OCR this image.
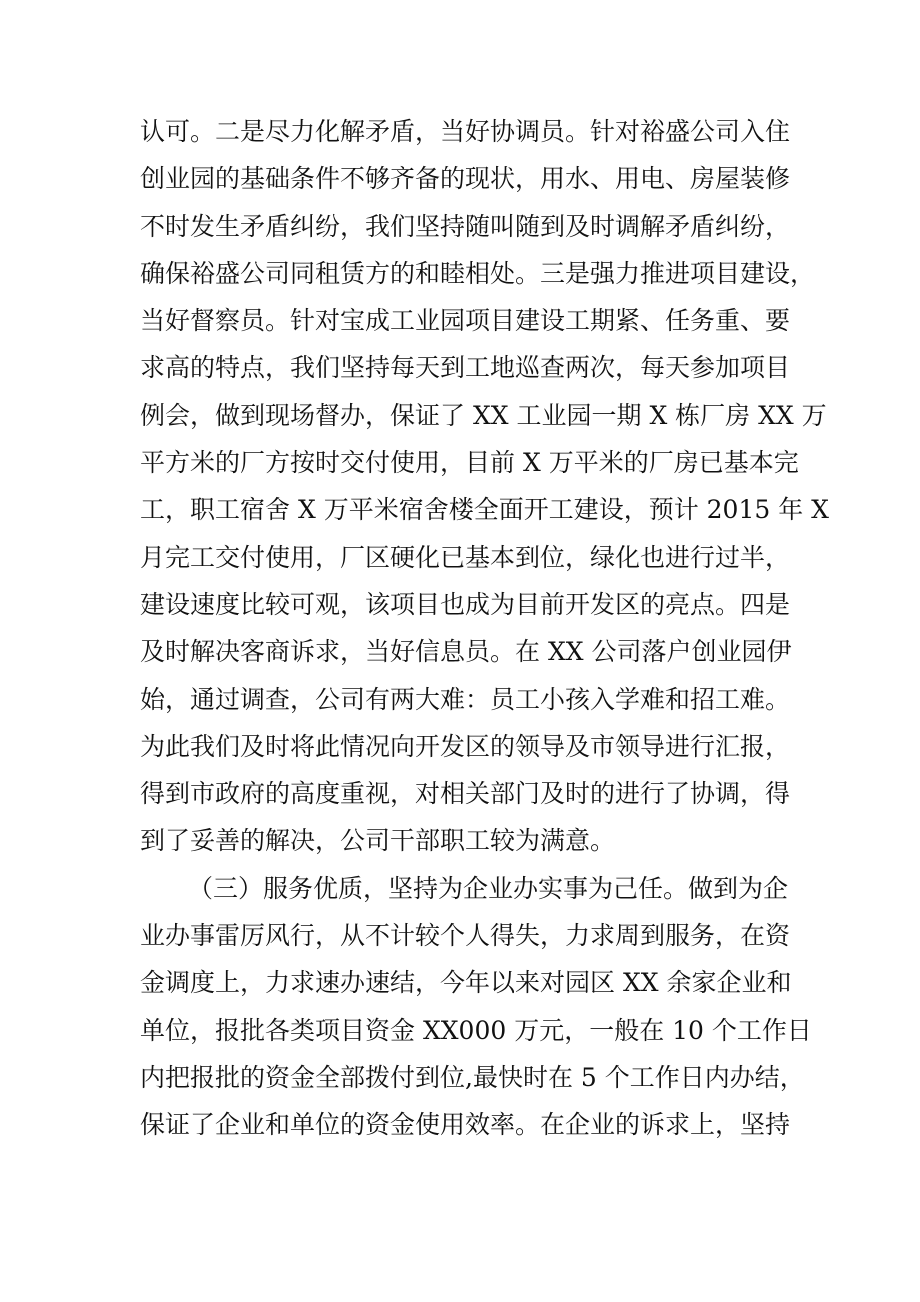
认可。二是尽力化解矛盾，当好协调员。针对裕盛公司入住
创业园的基础条件不够齐备的现状，用水、用电、房屋装修
不时发生矛盾纠纷，我们坚持随叫随到及时调解矛盾纠纷，
确保裕盛公司同租赁方的和睦相处。三是强力推进项目建设，
当好督察员。针对宝成工业园项目建设工期紧、任务重、要
求高的特点，我们坚持每天到工地巡查两次，每天参加项目
例会，做到现场督办，保证了 XX 工业园一期 X 栋厂房 XX 万
平方米的厂方按时交付使用，目前 X 万平米的厂房已基本完
工，职工宿舍 X 万平米宿舍楼全面开工建设，预计 2015 年 X
月完工交付使用，厂区硬化已基本到位，绿化也进行过半，
建设速度比较可观，该项目也成为目前开发区的亮点。四是
及时解决客商诉求，当好信息员。在 XX 公司落户创业园伊
始，通过调查，公司有两大难：员工小孩入学难和招工难。
为此我们及时将此情况向开发区的领导及市领导进行汇报，
得到市政府的高度重视，对相关部门及时的进行了协调，得
到了妥善的解决，公司干部职工较为满意。
（三）服务优质，坚持为企业办实事为己任。做到为企
业办事雷厉风行，从不计较个人得失，力求周到服务，在资
金调度上，力求速办速结，今年以来对园区 XX 余家企业和
单位，报批各类项目资金 XX000 万元，一般在 10 个工作日
内把报批的资金全部拨付到位,最快时在 5 个工作日内办结，
保证了企业和单位的资金使用效率。在企业的诉求上，坚持
